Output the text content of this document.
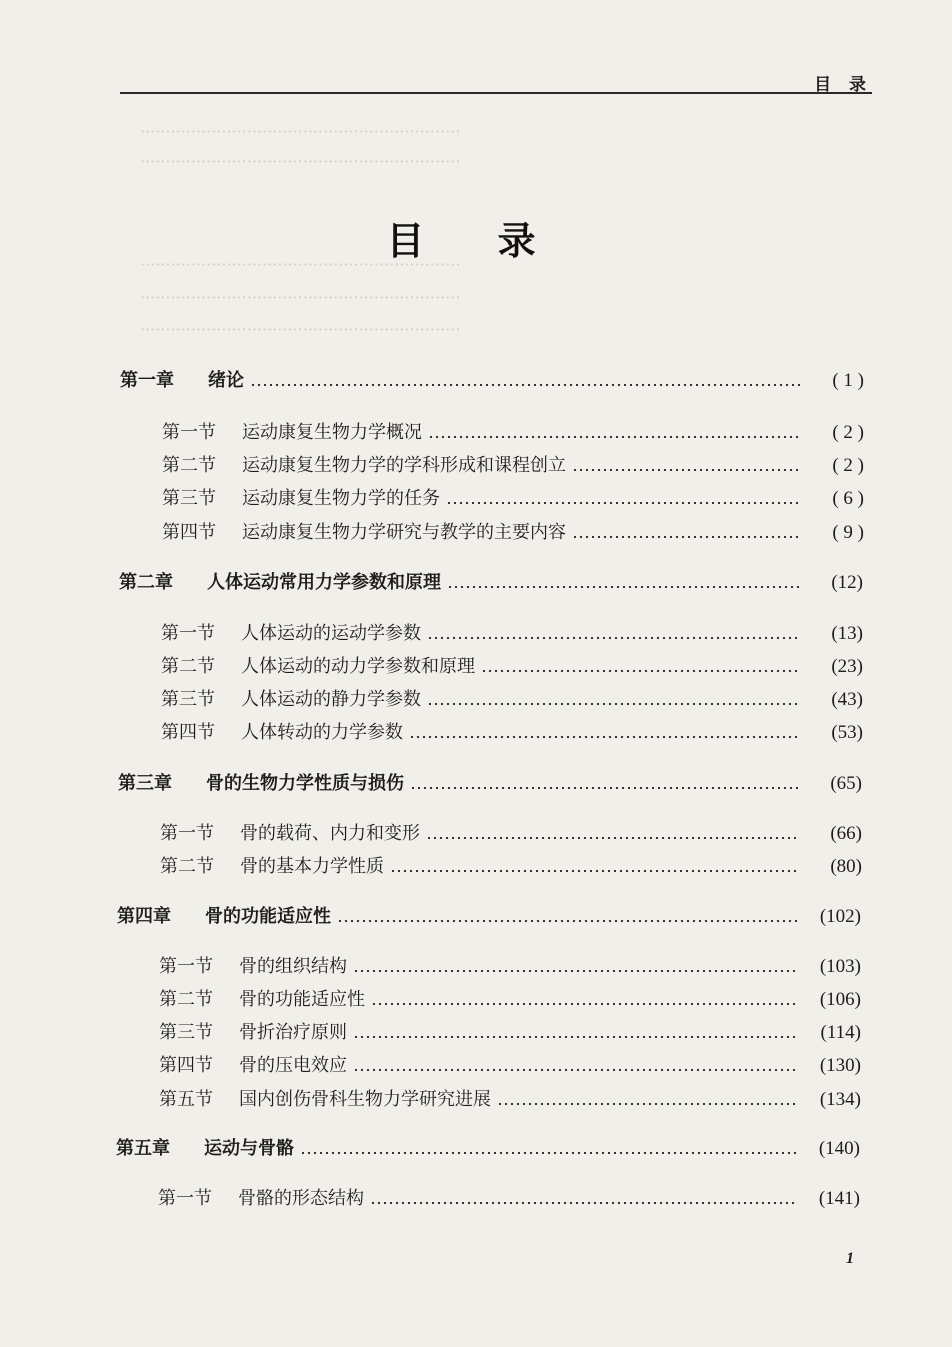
·······························································
·······························································
·······························································
·······························································
·······························································
目 录
目 录
第一章	绪论	( 1 )
第一节	运动康复生物力学概况	( 2 )
第二节	运动康复生物力学的学科形成和课程创立	( 2 )
第三节	运动康复生物力学的任务	( 6 )
第四节	运动康复生物力学研究与教学的主要内容	( 9 )
第二章	人体运动常用力学参数和原理	(12)
第一节	人体运动的运动学参数	(13)
第二节	人体运动的动力学参数和原理	(23)
第三节	人体运动的静力学参数	(43)
第四节	人体转动的力学参数	(53)
第三章	骨的生物力学性质与损伤	(65)
第一节	骨的载荷、内力和变形	(66)
第二节	骨的基本力学性质	(80)
第四章	骨的功能适应性	(102)
第一节	骨的组织结构	(103)
第二节	骨的功能适应性	(106)
第三节	骨折治疗原则	(114)
第四节	骨的压电效应	(130)
第五节	国内创伤骨科生物力学研究进展	(134)
第五章	运动与骨骼	(140)
第一节	骨骼的形态结构	(141)
1
